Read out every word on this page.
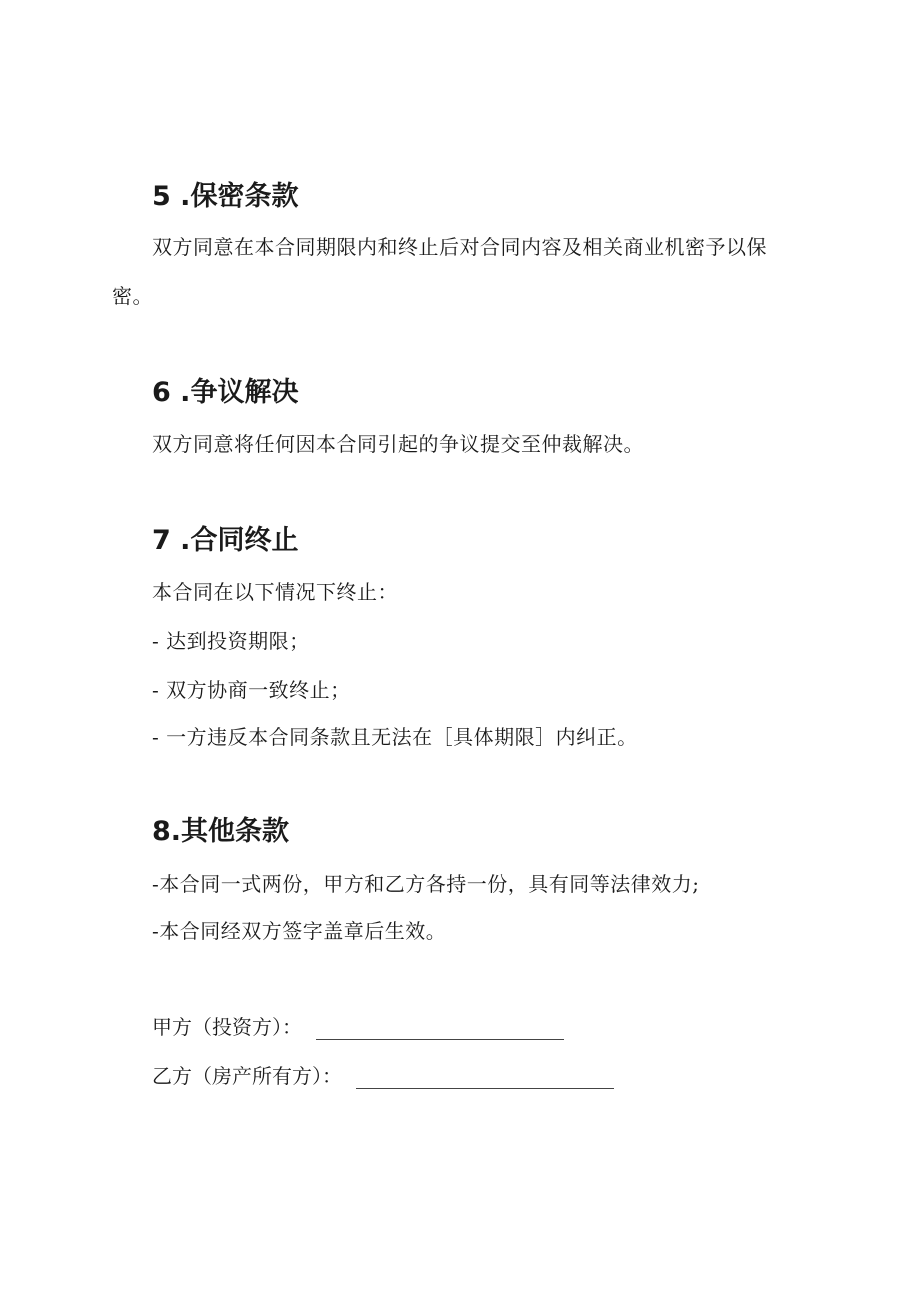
5 .保密条款

双方同意在本合同期限内和终止后对合同内容及相关商业机密予以保密。

6 .争议解决

双方同意将任何因本合同引起的争议提交至仲裁解决。

7 .合同终止

本合同在以下情况下终止：

- 达到投资期限；

- 双方协商一致终止；

- 一方违反本合同条款且无法在［具体期限］内纠正。

8.其他条款

-本合同一式两份，甲方和乙方各持一份，具有同等法律效力;

-本合同经双方签字盖章后生效。

甲方（投资方）：
乙方（房产所有方）：
